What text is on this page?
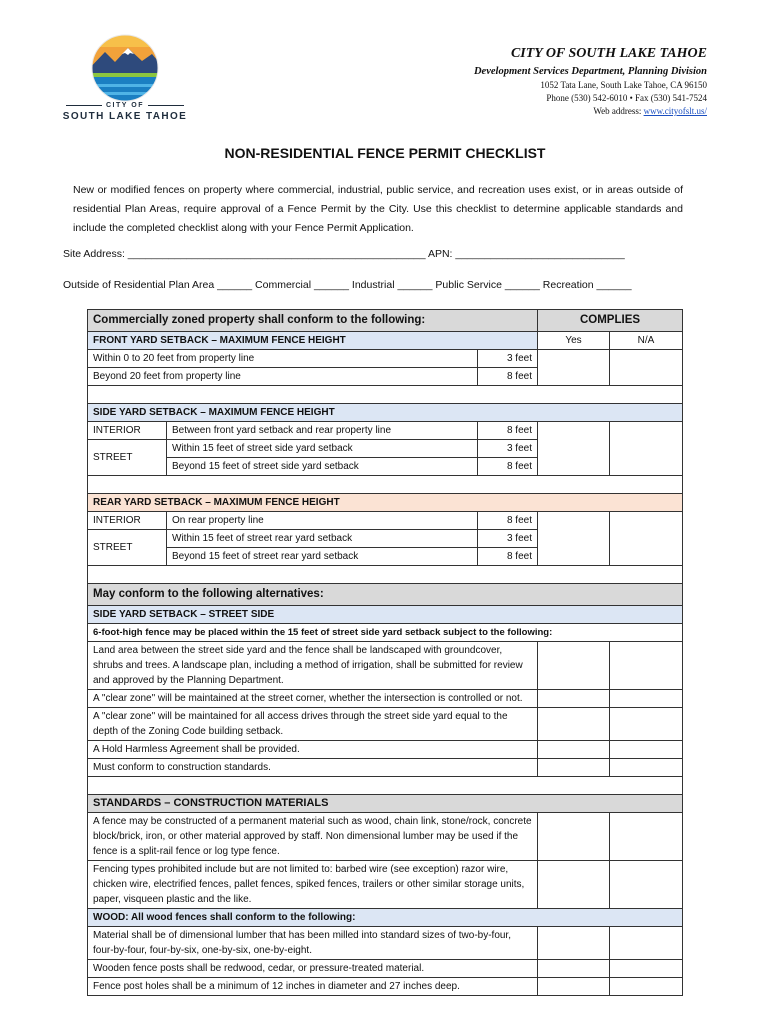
CITY OF
SOUTH LAKE TAHOE
CITY OF SOUTH LAKE TAHOE
Development Services Department, Planning Division
1052 Tata Lane, South Lake Tahoe, CA 96150
Phone (530) 542-6010 • Fax (530) 541-7524
Web address: www.cityofslt.us/
NON-RESIDENTIAL FENCE PERMIT CHECKLIST
New or modified fences on property where commercial, industrial, public service, and recreation uses exist, or in areas outside of residential Plan Areas, require approval of a Fence Permit by the City. Use this checklist to determine applicable standards and include the completed checklist along with your Fence Permit Application.
Site Address: ___________________________________________________ APN: _____________________________
Outside of Residential Plan Area ______ Commercial ______ Industrial ______ Public Service ______ Recreation ______
Commercially zoned property shall conform to the following:			COMPLIES	
FRONT YARD SETBACK – MAXIMUM FENCE HEIGHT			Yes	N/A
Within 0 to 20 feet from property line		3 feet		
Beyond 20 feet from property line		8 feet		

SIDE YARD SETBACK – MAXIMUM FENCE HEIGHT				
INTERIOR	Between front yard setback and rear property line	8 feet		
STREET	Within 15 feet of street side yard setback	3 feet		
	Beyond 15 feet of street side yard setback	8 feet		

REAR YARD SETBACK – MAXIMUM FENCE HEIGHT				
INTERIOR	On rear property line	8 feet		
STREET	Within 15 feet of street rear yard setback	3 feet		
	Beyond 15 feet of street rear yard setback	8 feet		

May conform to the following alternatives:				
SIDE YARD SETBACK – STREET SIDE				
6-foot-high fence may be placed within the 15 feet of street side yard setback subject to the following:				
Land area between the street side yard and the fence shall be landscaped with groundcover, shrubs and trees. A landscape plan, including a method of irrigation, shall be submitted for review and approved by the Planning Department.				
A "clear zone" will be maintained at the street corner, whether the intersection is controlled or not.				
A "clear zone" will be maintained for all access drives through the street side yard equal to the depth of the Zoning Code building setback.				
A Hold Harmless Agreement shall be provided.				
Must conform to construction standards.				

STANDARDS – CONSTRUCTION MATERIALS				
A fence may be constructed of a permanent material such as wood, chain link, stone/rock, concrete block/brick, iron, or other material approved by staff. Non dimensional lumber may be used if the fence is a split-rail fence or log type fence.				
Fencing types prohibited include but are not limited to: barbed wire (see exception) razor wire, chicken wire, electrified fences, pallet fences, spiked fences, trailers or other similar storage units, paper, visqueen plastic and the like.				
WOOD: All wood fences shall conform to the following:				
Material shall be of dimensional lumber that has been milled into standard sizes of two-by-four, four-by-four, four-by-six, one-by-six, one-by-eight.				
Wooden fence posts shall be redwood, cedar, or pressure-treated material.				
Fence post holes shall be a minimum of 12 inches in diameter and 27 inches deep.				
